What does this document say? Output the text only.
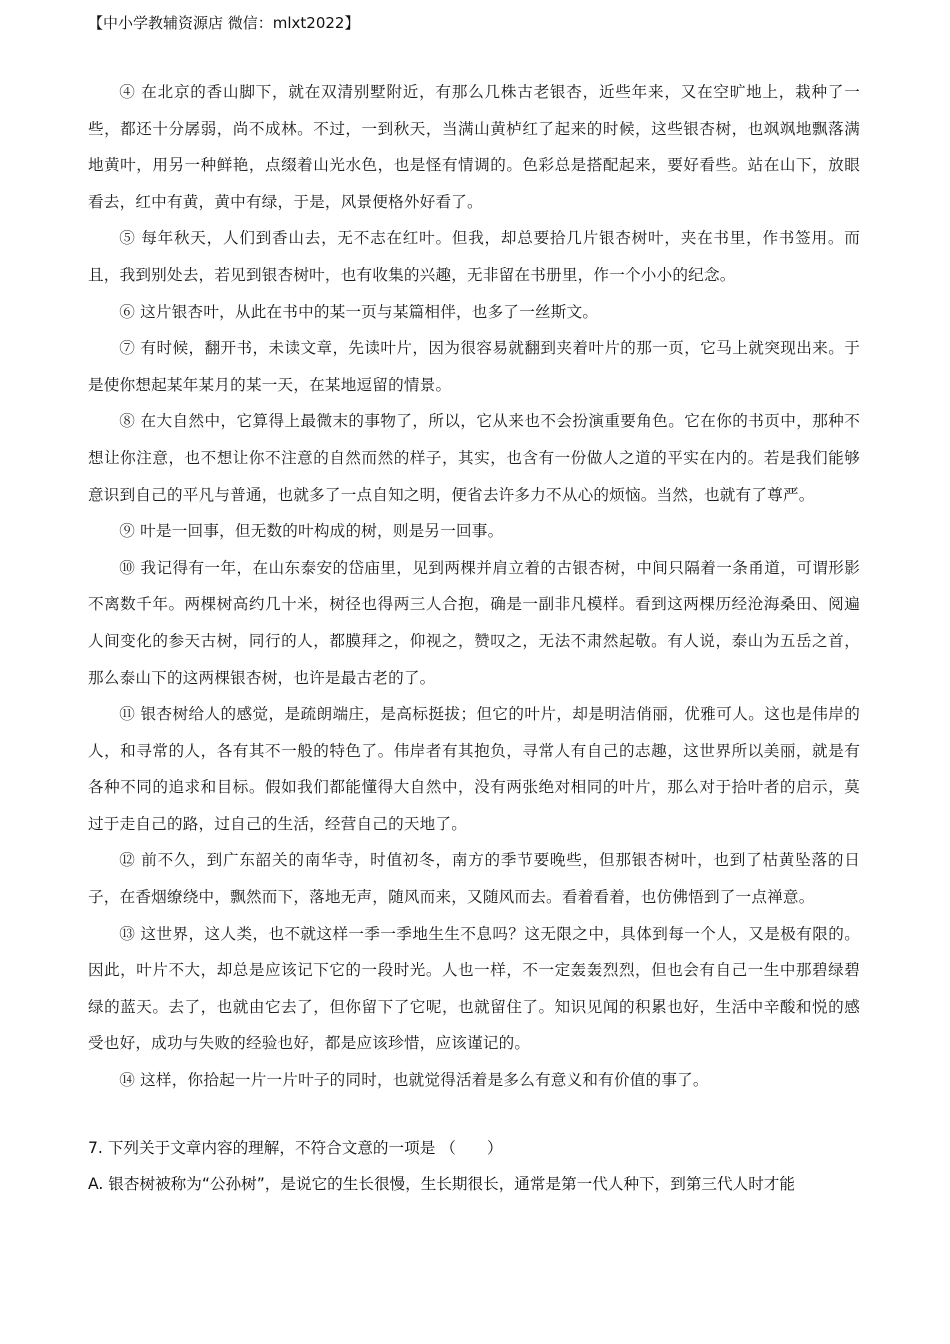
【中小学教辅资源店 微信：mlxt2022】

④ 在北京的香山脚下，就在双清别墅附近，有那么几株古老银杏，近些年来，又在空旷地上，栽种了一些，都还十分孱弱，尚不成林。不过，一到秋天，当满山黄栌红了起来的时候，这些银杏树，也飒飒地飘落满地黄叶，用另一种鲜艳，点缀着山光水色，也是怪有情调的。色彩总是搭配起来，要好看些。站在山下，放眼看去，红中有黄，黄中有绿，于是，风景便格外好看了。

⑤ 每年秋天，人们到香山去，无不志在红叶。但我，却总要拾几片银杏树叶，夹在书里，作书签用。而且，我到别处去，若见到银杏树叶，也有收集的兴趣，无非留在书册里，作一个小小的纪念。

⑥ 这片银杏叶，从此在书中的某一页与某篇相伴，也多了一丝斯文。

⑦ 有时候，翻开书，未读文章，先读叶片，因为很容易就翻到夹着叶片的那一页，它马上就突现出来。于是使你想起某年某月的某一天，在某地逗留的情景。

⑧ 在大自然中，它算得上最微末的事物了，所以，它从来也不会扮演重要角色。它在你的书页中，那种不想让你注意，也不想让你不注意的自然而然的样子，其实，也含有一份做人之道的平实在内的。若是我们能够意识到自己的平凡与普通，也就多了一点自知之明，便省去许多力不从心的烦恼。当然，也就有了尊严。

⑨ 叶是一回事，但无数的叶构成的树，则是另一回事。

⑩ 我记得有一年，在山东泰安的岱庙里，见到两棵并肩立着的古银杏树，中间只隔着一条甬道，可谓形影不离数千年。两棵树高约几十米，树径也得两三人合抱，确是一副非凡模样。看到这两棵历经沧海桑田、阅遍人间变化的参天古树，同行的人，都膜拜之，仰视之，赞叹之，无法不肃然起敬。有人说，泰山为五岳之首，那么泰山下的这两棵银杏树，也许是最古老的了。

⑪ 银杏树给人的感觉，是疏朗端庄，是高标挺拔；但它的叶片，却是明洁俏丽，优雅可人。这也是伟岸的人，和寻常的人，各有其不一般的特色了。伟岸者有其抱负，寻常人有自己的志趣，这世界所以美丽，就是有各种不同的追求和目标。假如我们都能懂得大自然中，没有两张绝对相同的叶片，那么对于拾叶者的启示，莫过于走自己的路，过自己的生活，经营自己的天地了。

⑫ 前不久，到广东韶关的南华寺，时值初冬，南方的季节要晚些，但那银杏树叶，也到了枯黄坠落的日子，在香烟缭绕中，飘然而下，落地无声，随风而来，又随风而去。看着看着，也仿佛悟到了一点禅意。

⑬ 这世界，这人类，也不就这样一季一季地生生不息吗？这无限之中，具体到每一个人，又是极有限的。因此，叶片不大，却总是应该记下它的一段时光。人也一样，不一定轰轰烈烈，但也会有自己一生中那碧绿碧绿的蓝天。去了，也就由它去了，但你留下了它呢，也就留住了。知识见闻的积累也好，生活中辛酸和悦的感受也好，成功与失败的经验也好，都是应该珍惜，应该谨记的。

⑭ 这样，你拾起一片一片叶子的同时，也就觉得活着是多么有意义和有价值的事了。

7. 下列关于文章内容的理解，不符合文意的一项是 （　　）

A. 银杏树被称为“公孙树”，是说它的生长很慢，生长期很长，通常是第一代人种下，到第三代人时才能
